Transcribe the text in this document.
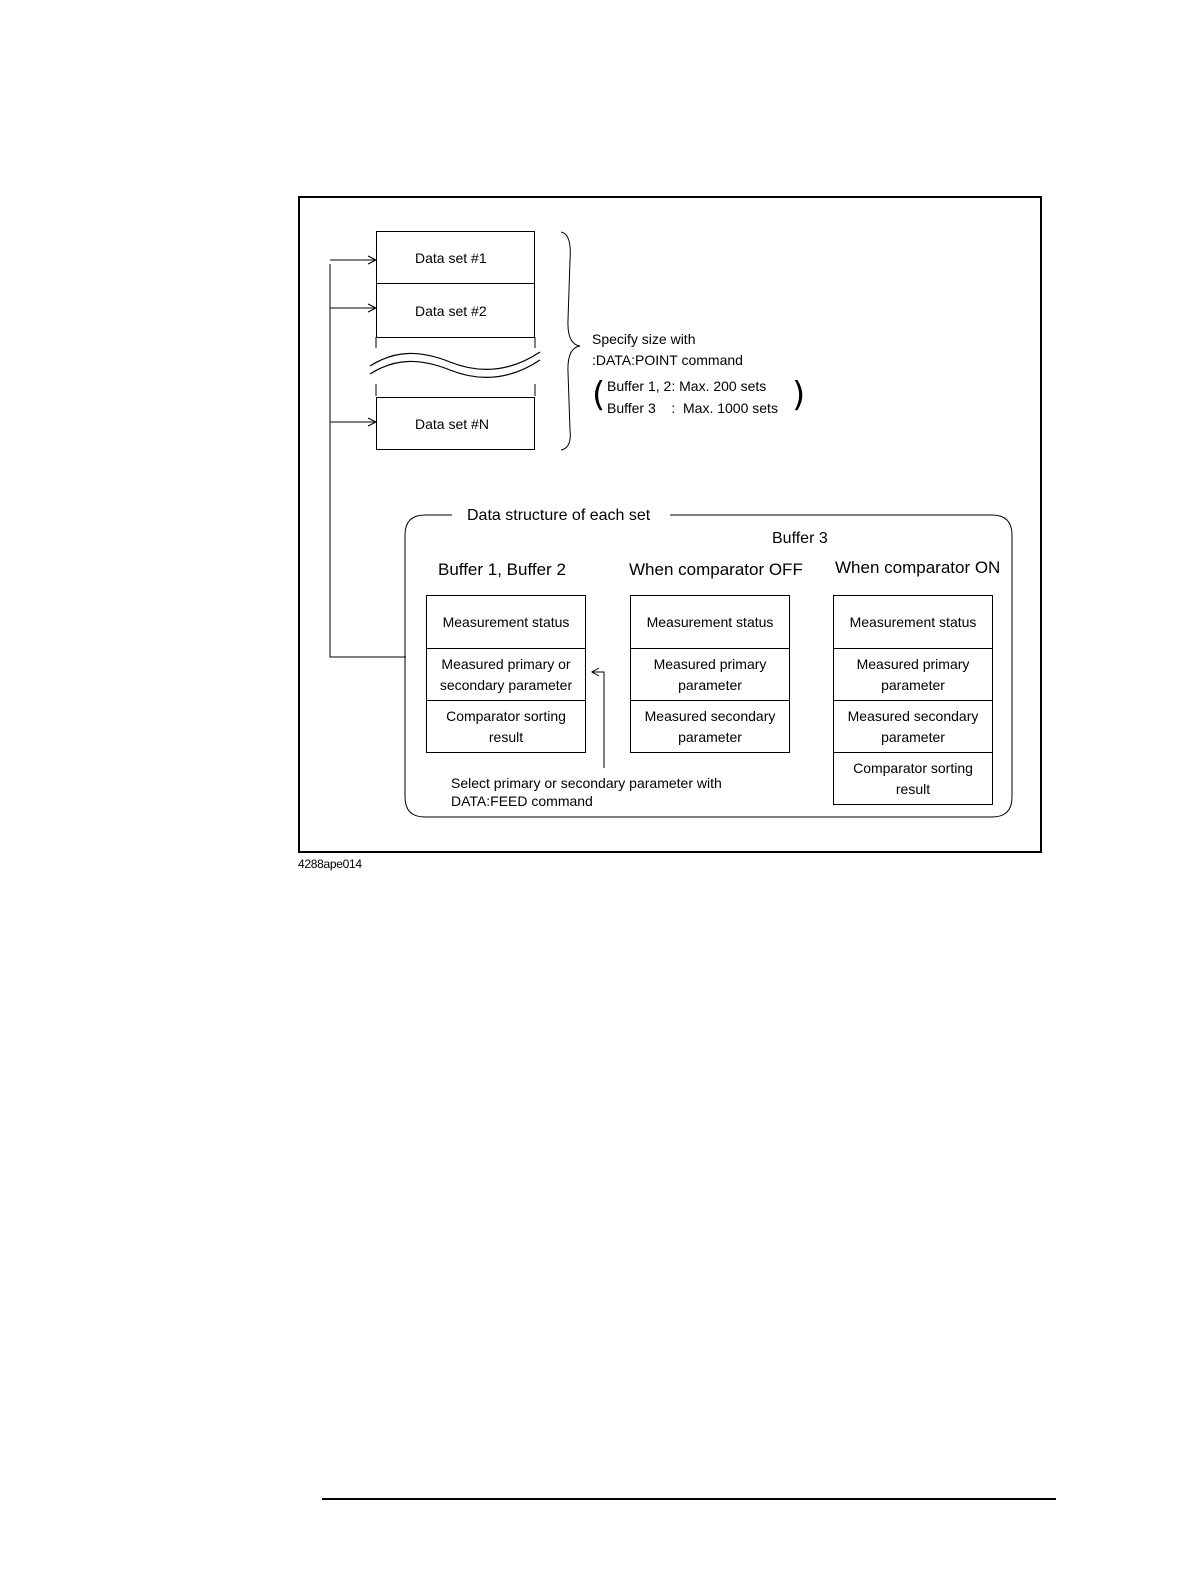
Data set #1
Data set #2
Data set #N
Specify size with
:DATA:POINT command
( Buffer 1, 2: Max. 200 sets
Buffer 3    :  Max. 1000 sets )
Data structure of each set
Buffer 3
Buffer 1, Buffer 2	When comparator OFF When comparator ON
Measurement status
Measured primary or secondary parameter
Comparator sorting result
Measurement status
Measured primary parameter
Measured secondary parameter
Measurement status
Measured primary parameter
Measured secondary parameter
Comparator sorting result
Select primary or secondary parameter with
DATA:FEED command
4288ape014
